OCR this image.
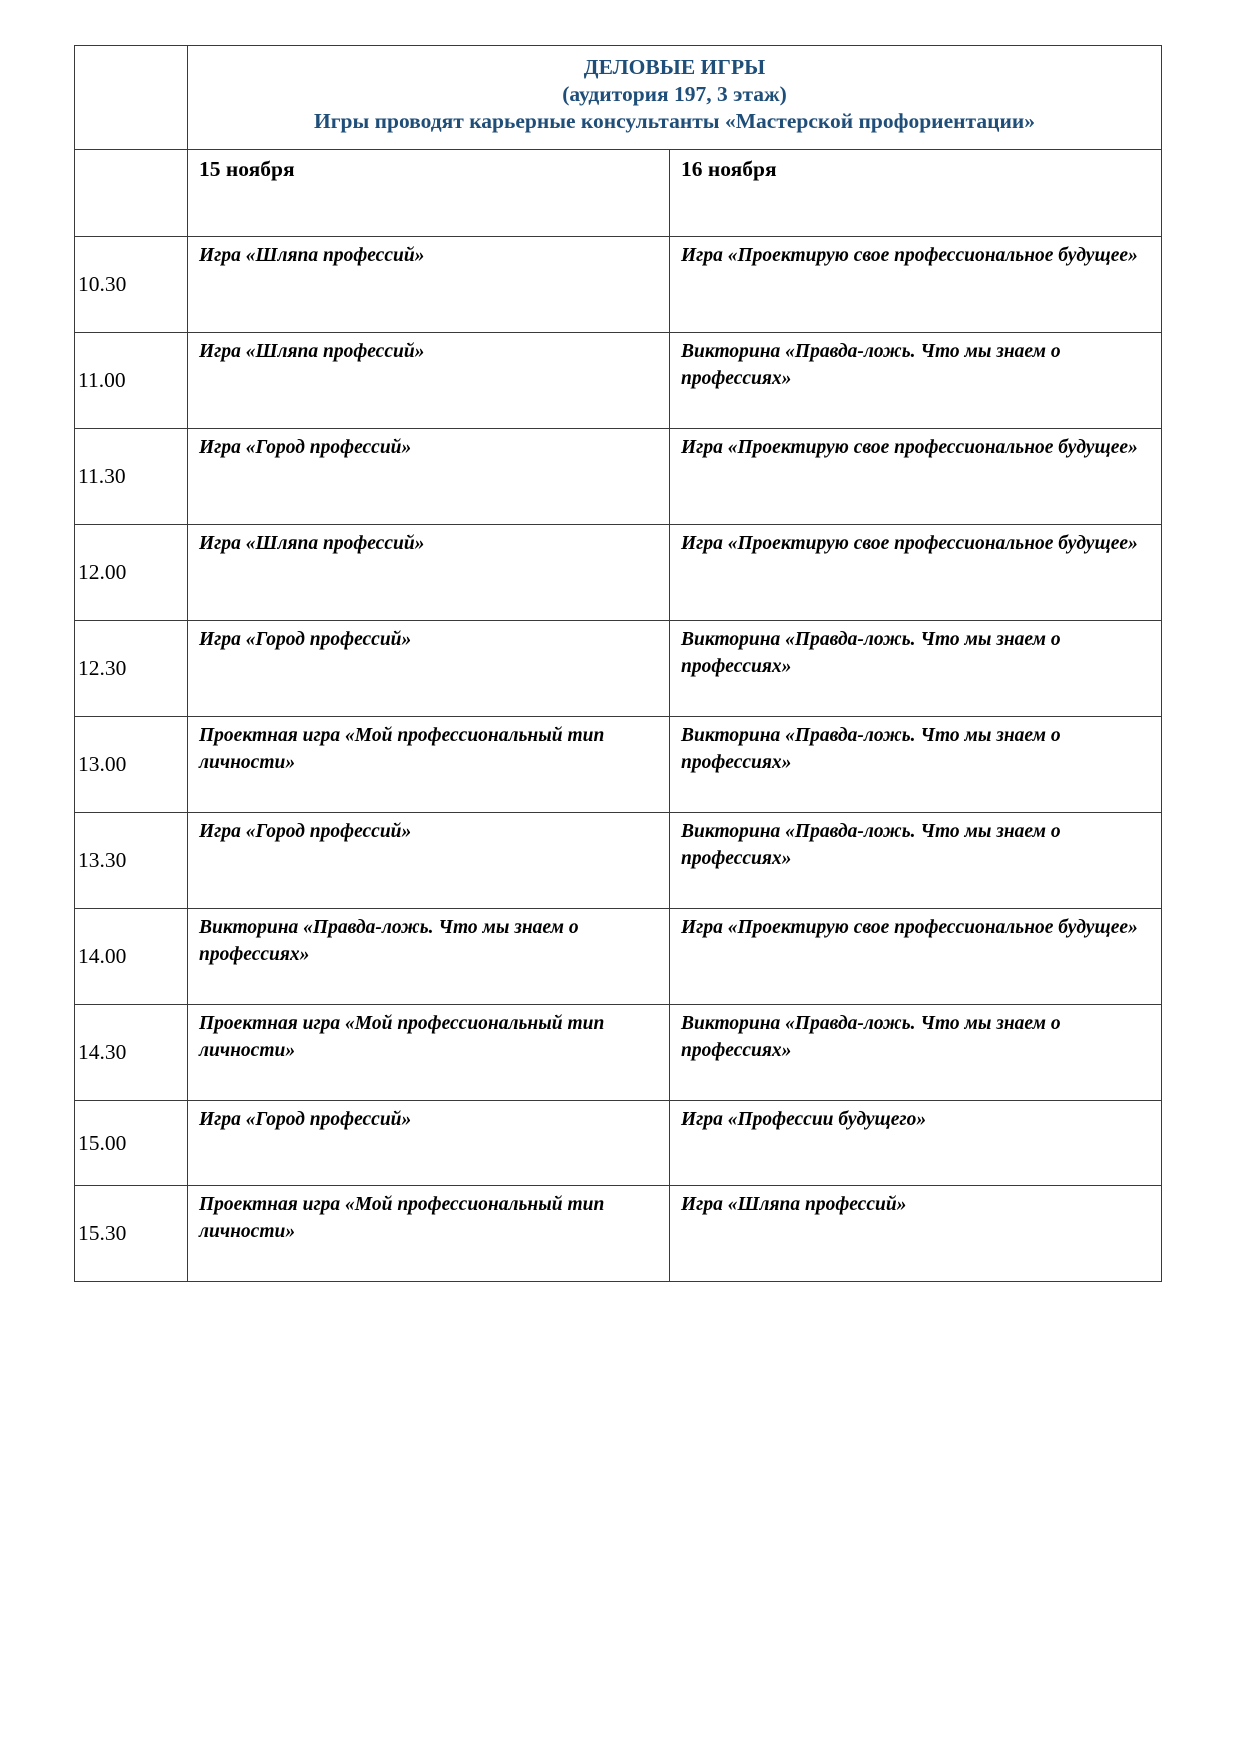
	ДЕЛОВЫЕ ИГРЫ
(аудитория 197, 3 этаж)
Игры проводят карьерные консультанты «Мастерской профориентации»	

	15 ноября	16 ноября
10.30	Игра «Шляпа профессий»	Игра «Проектирую свое профессиональное будущее»
11.00	Игра «Шляпа профессий»	Викторина «Правда-ложь. Что мы знаем о профессиях»
11.30	Игра «Город профессий»	Игра «Проектирую свое профессиональное будущее»
12.00	Игра «Шляпа профессий»	Игра «Проектирую свое профессиональное будущее»
12.30	Игра «Город профессий»	Викторина «Правда-ложь. Что мы знаем о профессиях»
13.00	Проектная игра «Мой профессиональный тип личности»	Викторина «Правда-ложь. Что мы знаем о профессиях»
13.30	Игра «Город профессий»	Викторина «Правда-ложь. Что мы знаем о профессиях»
14.00	Викторина «Правда-ложь. Что мы знаем о профессиях»	Игра «Проектирую свое профессиональное будущее»
14.30	Проектная игра «Мой профессиональный тип личности»	Викторина «Правда-ложь. Что мы знаем о профессиях»
15.00	Игра «Город профессий»	Игра «Профессии будущего»
15.30	Проектная игра «Мой профессиональный тип личности»	Игра «Шляпа профессий»
